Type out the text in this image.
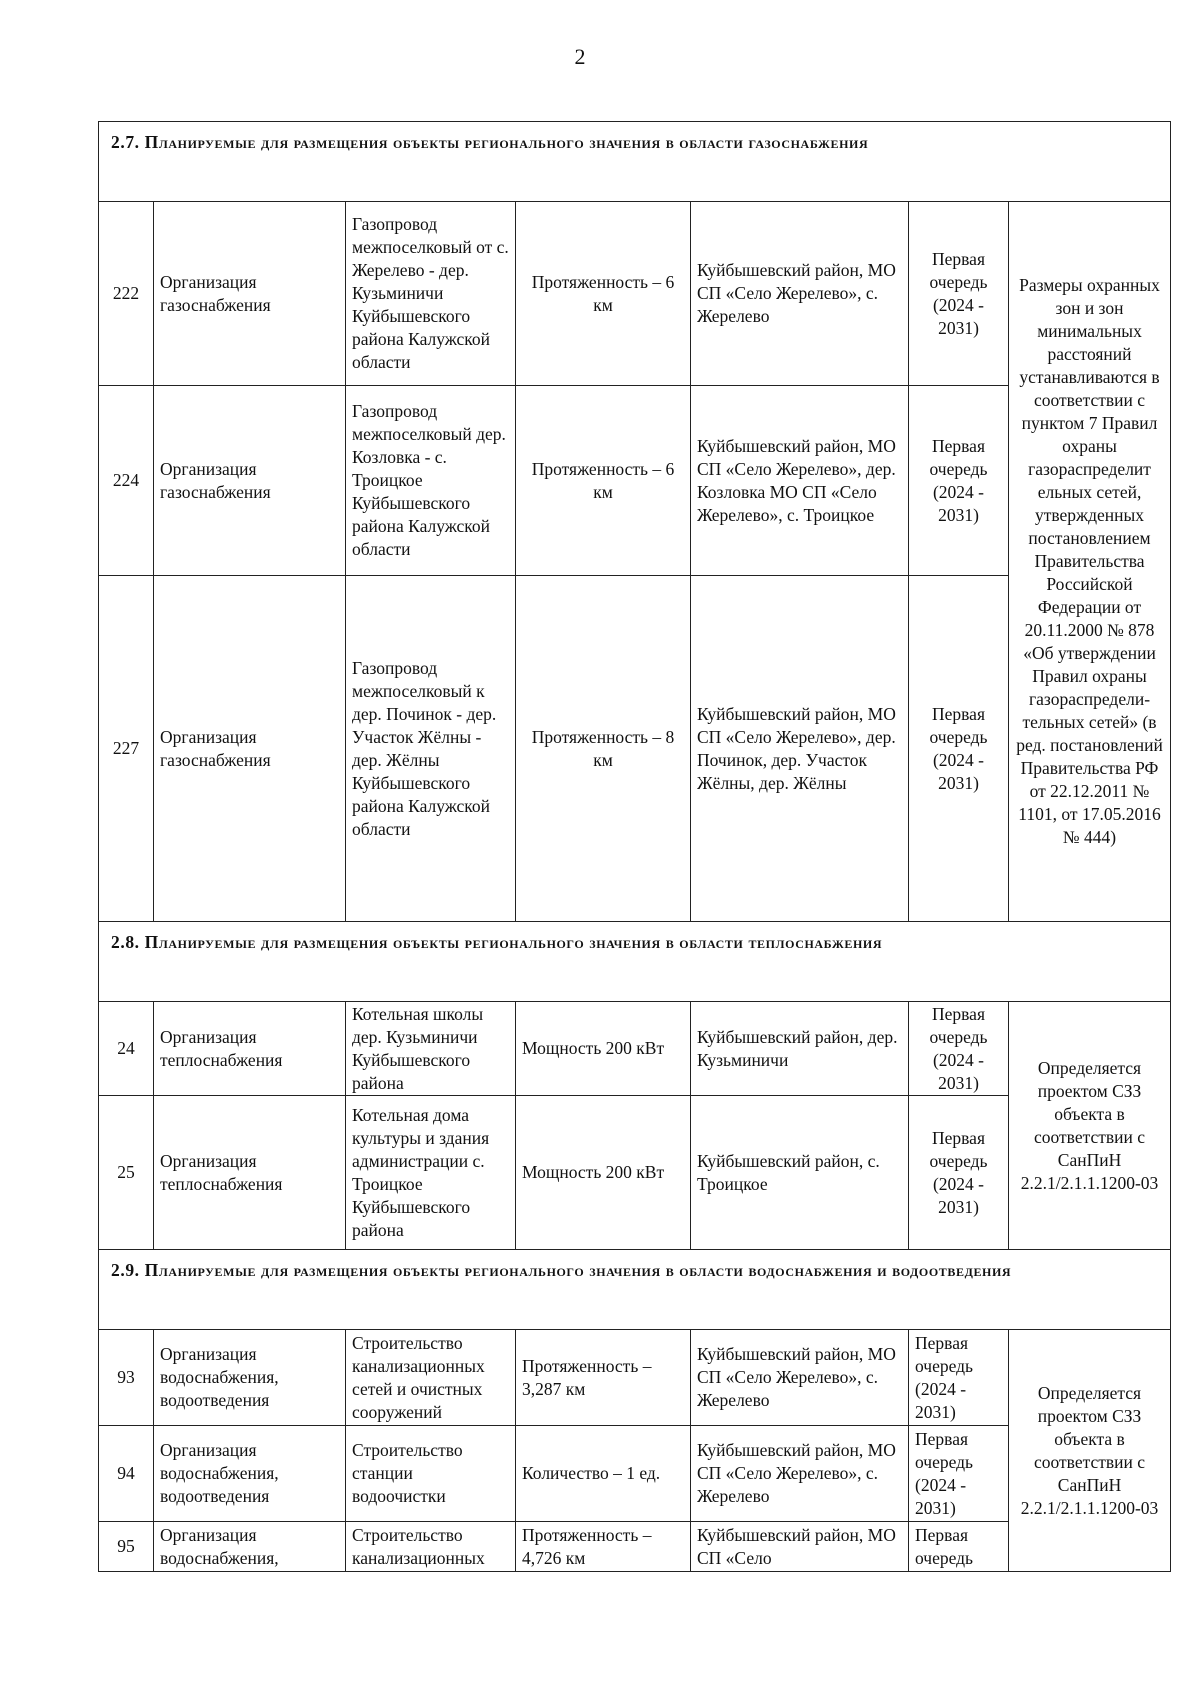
2
2.7. Планируемые для размещения объекты регионального значения в области газоснабжения						
222	Организация газоснабжения	Газопровод межпоселковый от с. Жерелево - дер. Кузьминичи Куйбышевского района Калужской области	Протяженность – 6 км	Куйбышевский район, МО СП «Село Жерелево», с. Жерелево	Первая очередь (2024 - 2031)	Размеры охранных зон и зон минимальных расстояний устанавливаются в соответствии с пунктом 7 Правил охраны газораспределит ельных сетей, утвержденных постановлением Правительства Российской Федерации от 20.11.2000 № 878 «Об утверждении Правил охраны газораспредели-тельных сетей» (в ред. постановлений Правительства РФ от 22.12.2011 № 1101, от 17.05.2016 № 444)
224	Организация газоснабжения	Газопровод межпоселковый дер. Козловка - с. Троицкое Куйбышевского района Калужской области	Протяженность – 6 км	Куйбышевский район, МО СП «Село Жерелево», дер. Козловка МО СП «Село Жерелево», с. Троицкое	Первая очередь (2024 - 2031)	
227	Организация газоснабжения	Газопровод межпоселковый к дер. Починок - дер. Участок Жёлны - дер. Жёлны Куйбышевского района Калужской области	Протяженность – 8 км	Куйбышевский район, МО СП «Село Жерелево», дер. Починок, дер. Участок Жёлны, дер. Жёлны	Первая очередь (2024 - 2031)	
2.8. Планируемые для размещения объекты регионального значения в области теплоснабжения						
24	Организация теплоснабжения	Котельная школы дер. Кузьминичи Куйбышевского района	Мощность 200 кВт	Куйбышевский район, дер. Кузьминичи	Первая очередь (2024 - 2031)	Определяется проектом СЗЗ объекта в соответствии с СанПиН 2.2.1/2.1.1.1200-03
25	Организация теплоснабжения	Котельная дома культуры и здания администрации с. Троицкое Куйбышевского района	Мощность 200 кВт	Куйбышевский район, с. Троицкое	Первая очередь (2024 - 2031)	
2.9. Планируемые для размещения объекты регионального значения в области водоснабжения и водоотведения						
93	Организация водоснабжения, водоотведения	Строительство канализационных сетей и очистных сооружений	Протяженность – 3,287 км	Куйбышевский район, МО СП «Село Жерелево», с. Жерелево	Первая очередь (2024 - 2031)	Определяется проектом СЗЗ объекта в соответствии с СанПиН 2.2.1/2.1.1.1200-03
94	Организация водоснабжения, водоотведения	Строительство станции водоочистки	Количество – 1 ед.	Куйбышевский район, МО СП «Село Жерелево», с. Жерелево	Первая очередь (2024 - 2031)	
95	Организация водоснабжения,	Строительство канализационных	Протяженность – 4,726 км	Куйбышевский район, МО СП «Село	Первая очередь	
